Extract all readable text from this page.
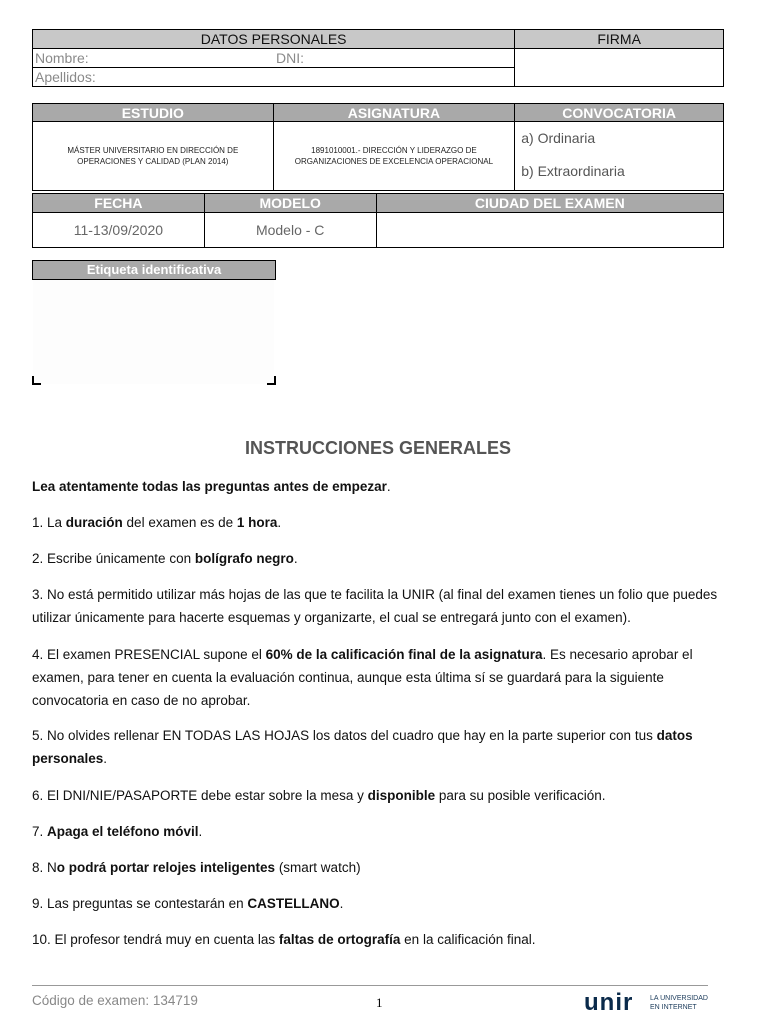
DATOS PERSONALES	FIRMA
Nombre: DNI:	

Apellidos:	
ESTUDIO	ASIGNATURA	CONVOCATORIA
MÁSTER UNIVERSITARIO EN DIRECCIÓN DE OPERACIONES Y CALIDAD (PLAN 2014)	1891010001.- DIRECCIÓN Y LIDERAZGO DE ORGANIZACIONES DE EXCELENCIA OPERACIONAL	a) Ordinaria
b) Extraordinaria
FECHA	MODELO	CIUDAD DEL EXAMEN
11-13/09/2020	Modelo - C	
Etiqueta identificativa
INSTRUCCIONES GENERALES
Lea atentamente todas las preguntas antes de empezar.
1. La duración del examen es de 1 hora.
2. Escribe únicamente con bolígrafo negro.
3. No está permitido utilizar más hojas de las que te facilita la UNIR (al final del examen tienes un folio que puedes utilizar únicamente para hacerte esquemas y organizarte, el cual se entregará junto con el examen).
4. El examen PRESENCIAL supone el 60% de la calificación final de la asignatura. Es necesario aprobar el examen, para tener en cuenta la evaluación continua, aunque esta última sí se guardará para la siguiente convocatoria en caso de no aprobar.
5. No olvides rellenar EN TODAS LAS HOJAS los datos del cuadro que hay en la parte superior con tus datos personales.
6. El DNI/NIE/PASAPORTE debe estar sobre la mesa y disponible para su posible verificación.
7. Apaga el teléfono móvil.
8. No podrá portar relojes inteligentes (smart watch)
9. Las preguntas se contestarán en CASTELLANO.
10. El profesor tendrá muy en cuenta las faltas de ortografía en la calificación final.
Código de examen: 134719	1	unir LA UNIVERSIDAD
EN INTERNET
